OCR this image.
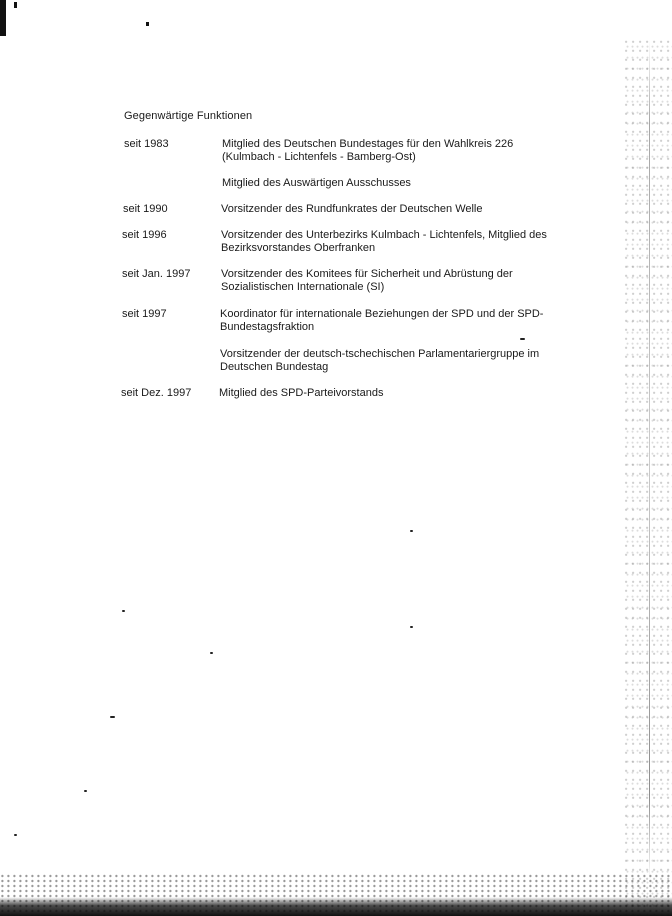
Gegenwärtige Funktionen
seit 1983	Mitglied des Deutschen Bundestages für den Wahlkreis 226 (Kulmbach - Lichtenfels - Bamberg-Ost)
Mitglied des Auswärtigen Ausschusses
seit 1990	Vorsitzender des Rundfunkrates der Deutschen Welle
seit 1996	Vorsitzender des Unterbezirks Kulmbach - Lichtenfels, Mitglied des Bezirksvorstandes Oberfranken
seit Jan. 1997	Vorsitzender des Komitees für Sicherheit und Abrüstung der Sozialistischen Internationale (SI)
seit 1997	Koordinator für internationale Beziehungen der SPD und der SPD-Bundestagsfraktion
Vorsitzender der deutsch-tschechischen Parlamentariergruppe im Deutschen Bundestag
seit Dez. 1997	Mitglied des SPD-Parteivorstands
